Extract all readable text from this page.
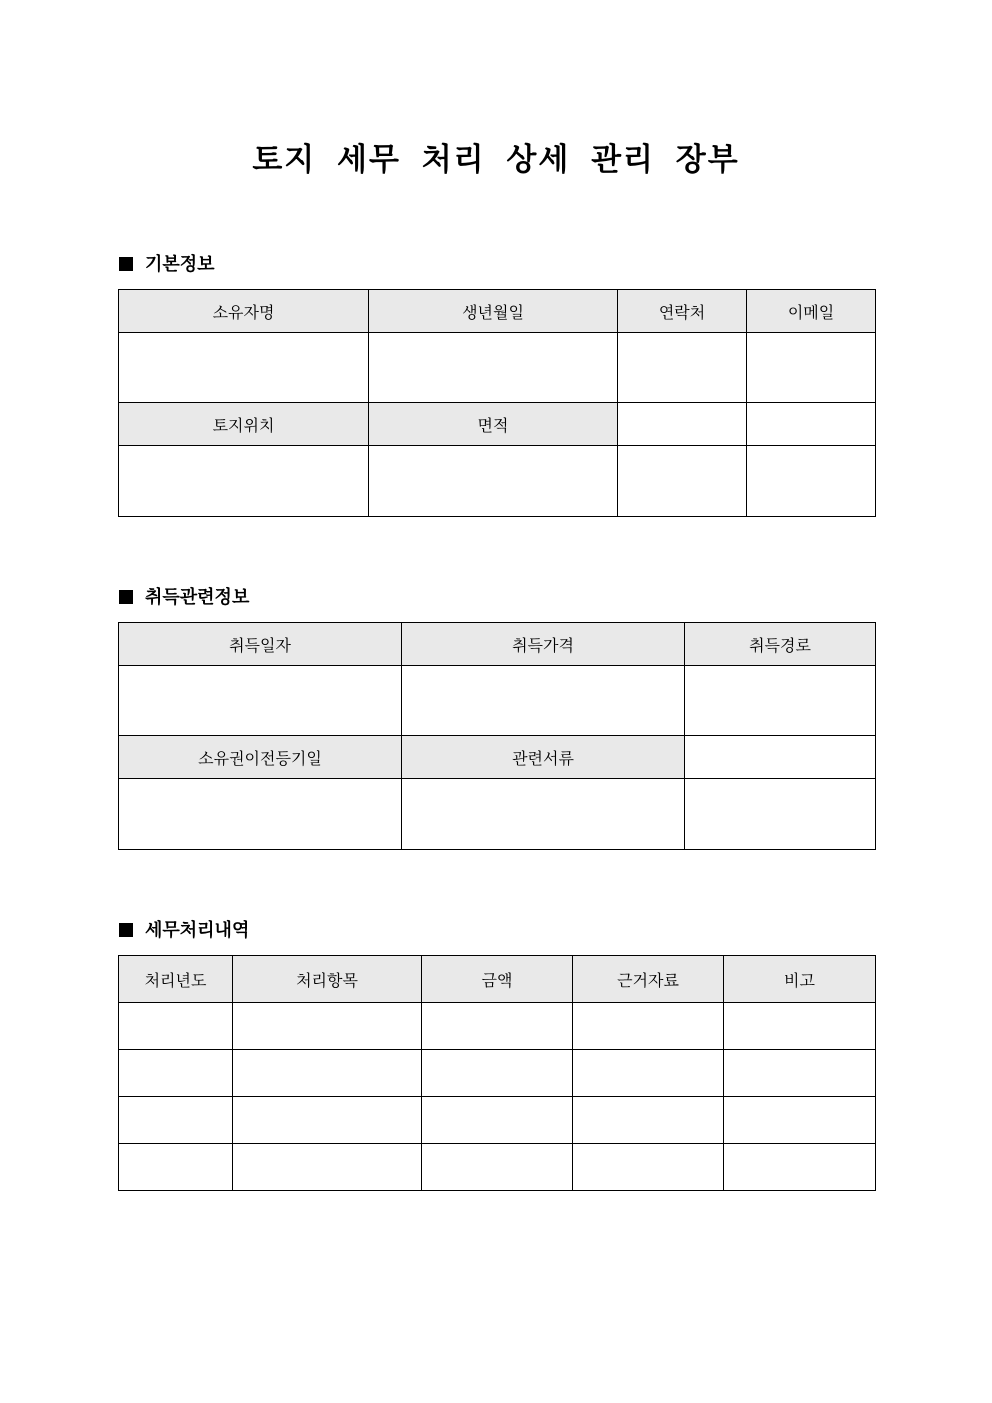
토지 세무 처리 상세 관리 장부
기본정보
소유자명	생년월일	연락처	이메일

토지위치	면적		

취득관련정보
취득일자	취득가격	취득경로

소유권이전등기일	관련서류	

세무처리내역
처리년도	처리항목	금액	근거자료	비고
